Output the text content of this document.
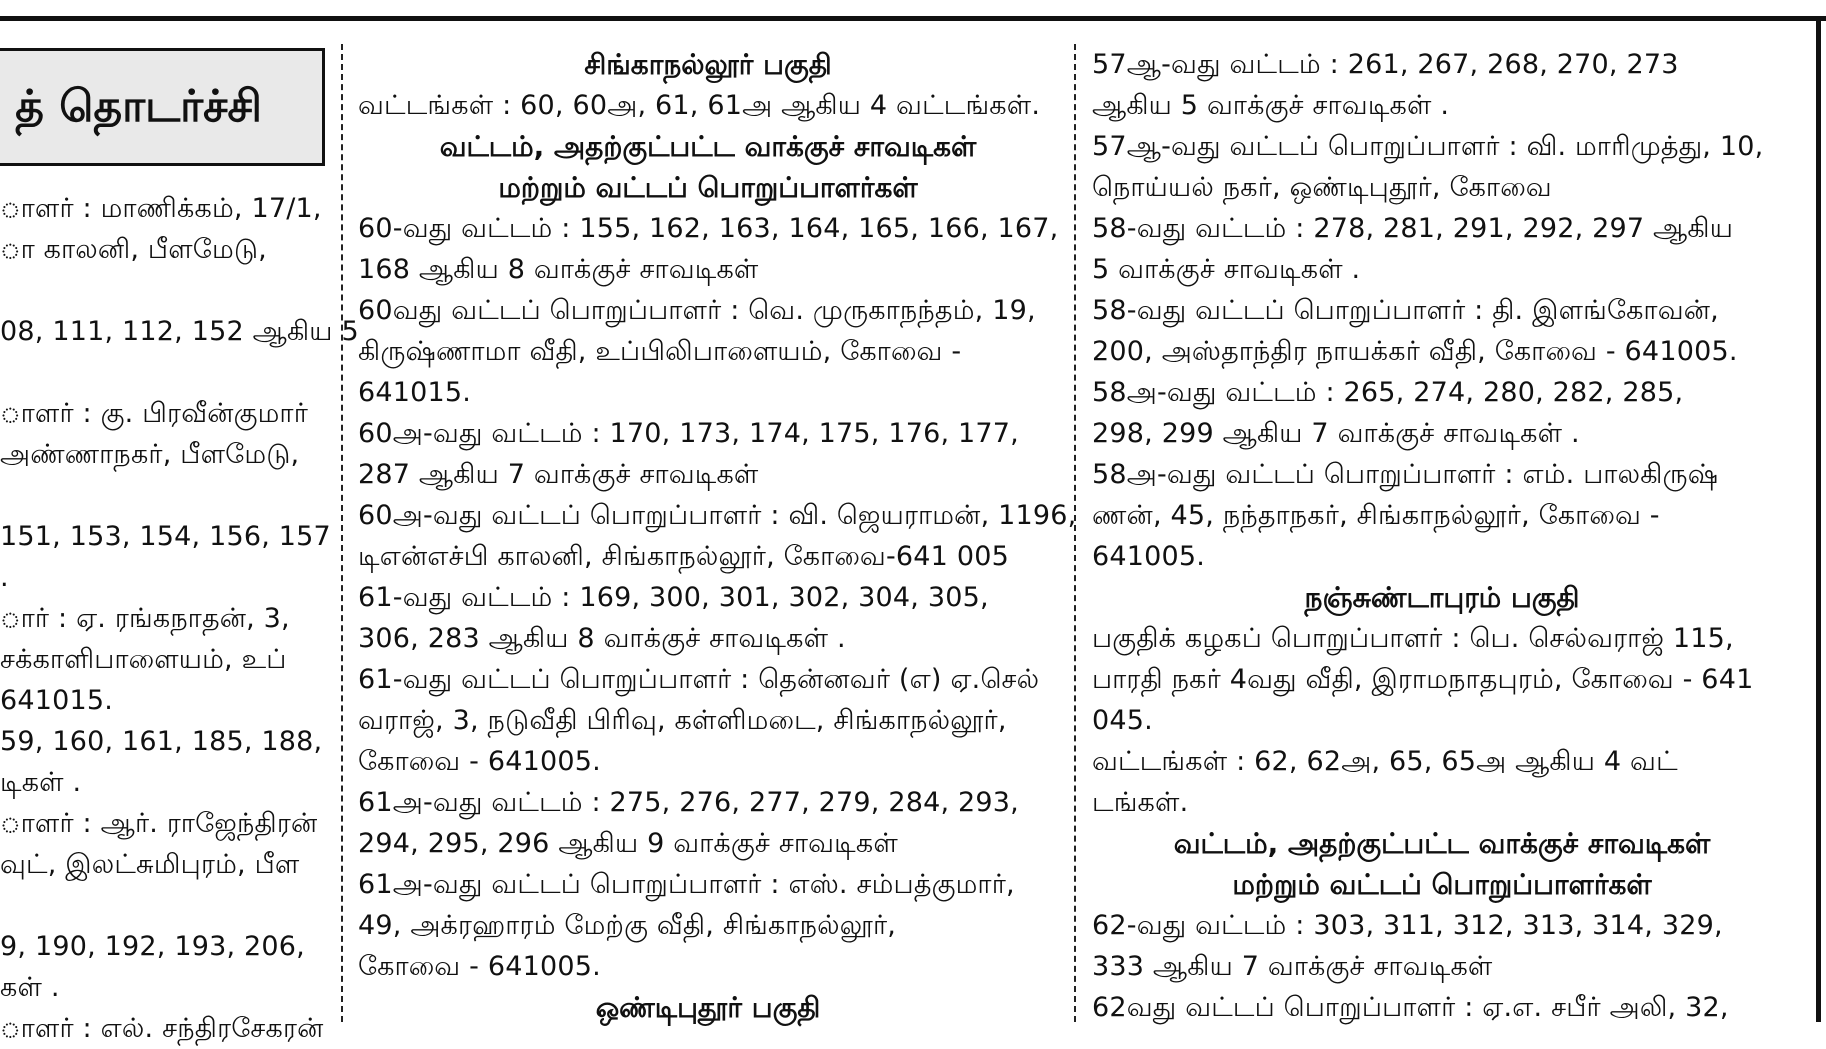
த் தொடர்ச்சி

ாளர் : மாணிக்கம், 17/1,

ா காலனி, பீளமேடு,

08, 111, 112, 152 ஆகிய 5

ாளர் : கு. பிரவீன்குமார்

அண்ணாநகர், பீளமேடு,

151, 153, 154, 156, 157

.

ார் : ஏ. ரங்கநாதன், 3,

சக்காளிபாளையம், உப்

641015.

59, 160, 161, 185, 188,

டிகள் .

ாளர் : ஆர். ராஜேந்திரன்

வுட், இலட்சுமிபுரம், பீள

9, 190, 192, 193, 206,

கள் .

ாளர் : எல். சந்திரசேகரன்

சிங்காநல்லூர் பகுதி

வட்டங்கள் : 60, 60அ, 61, 61அ ஆகிய 4 வட்டங்கள்.

வட்டம், அதற்குட்பட்ட வாக்குச் சாவடிகள்

மற்றும் வட்டப் பொறுப்பாளர்கள்

60-வது வட்டம் : 155, 162, 163, 164, 165, 166, 167,

168 ஆகிய 8 வாக்குச் சாவடிகள்

60வது வட்டப் பொறுப்பாளர் : வெ. முருகாநந்தம், 19,

கிருஷ்ணாமா வீதி, உப்பிலிபாளையம், கோவை -

641015.

60அ-வது வட்டம் : 170, 173, 174, 175, 176, 177,

287 ஆகிய 7 வாக்குச் சாவடிகள்

60அ-வது வட்டப் பொறுப்பாளர் : வி. ஜெயராமன், 1196,

டிஎன்எச்பி காலனி, சிங்காநல்லூர், கோவை-641 005

61-வது வட்டம் : 169, 300, 301, 302, 304, 305,

306, 283 ஆகிய 8 வாக்குச் சாவடிகள் .

61-வது வட்டப் பொறுப்பாளர் : தென்னவர் (எ) ஏ.செல்

வராஜ், 3, நடுவீதி பிரிவு, கள்ளிமடை, சிங்காநல்லூர்,

கோவை - 641005.

61அ-வது வட்டம் : 275, 276, 277, 279, 284, 293,

294, 295, 296 ஆகிய 9 வாக்குச் சாவடிகள்

61அ-வது வட்டப் பொறுப்பாளர் : எஸ். சம்பத்குமார்,

49, அக்ரஹாரம் மேற்கு வீதி, சிங்காநல்லூர்,

கோவை - 641005.

ஒண்டிபுதூர் பகுதி

57ஆ-வது வட்டம் : 261, 267, 268, 270, 273

ஆகிய 5 வாக்குச் சாவடிகள் .

57ஆ-வது வட்டப் பொறுப்பாளர் : வி. மாரிமுத்து, 10,

நொய்யல் நகர், ஒண்டிபுதூர், கோவை

58-வது வட்டம் : 278, 281, 291, 292, 297 ஆகிய

5 வாக்குச் சாவடிகள் .

58-வது வட்டப் பொறுப்பாளர் : தி. இளங்கோவன்,

200, அஸ்தாந்திர நாயக்கர் வீதி, கோவை - 641005.

58அ-வது வட்டம் : 265, 274, 280, 282, 285,

298, 299 ஆகிய 7 வாக்குச் சாவடிகள் .

58அ-வது வட்டப் பொறுப்பாளர் : எம். பாலகிருஷ்

ணன், 45, நந்தாநகர், சிங்காநல்லூர், கோவை -

641005.

நஞ்சுண்டாபுரம் பகுதி

பகுதிக் கழகப் பொறுப்பாளர் : பெ. செல்வராஜ் 115,

பாரதி நகர் 4வது வீதி, இராமநாதபுரம், கோவை - 641

045.

வட்டங்கள் : 62, 62அ, 65, 65அ ஆகிய 4 வட்

டங்கள்.

வட்டம், அதற்குட்பட்ட வாக்குச் சாவடிகள்

மற்றும் வட்டப் பொறுப்பாளர்கள்

62-வது வட்டம் : 303, 311, 312, 313, 314, 329,

333 ஆகிய 7 வாக்குச் சாவடிகள்

62வது வட்டப் பொறுப்பாளர் : ஏ.எ. சபீர் அலி, 32,
